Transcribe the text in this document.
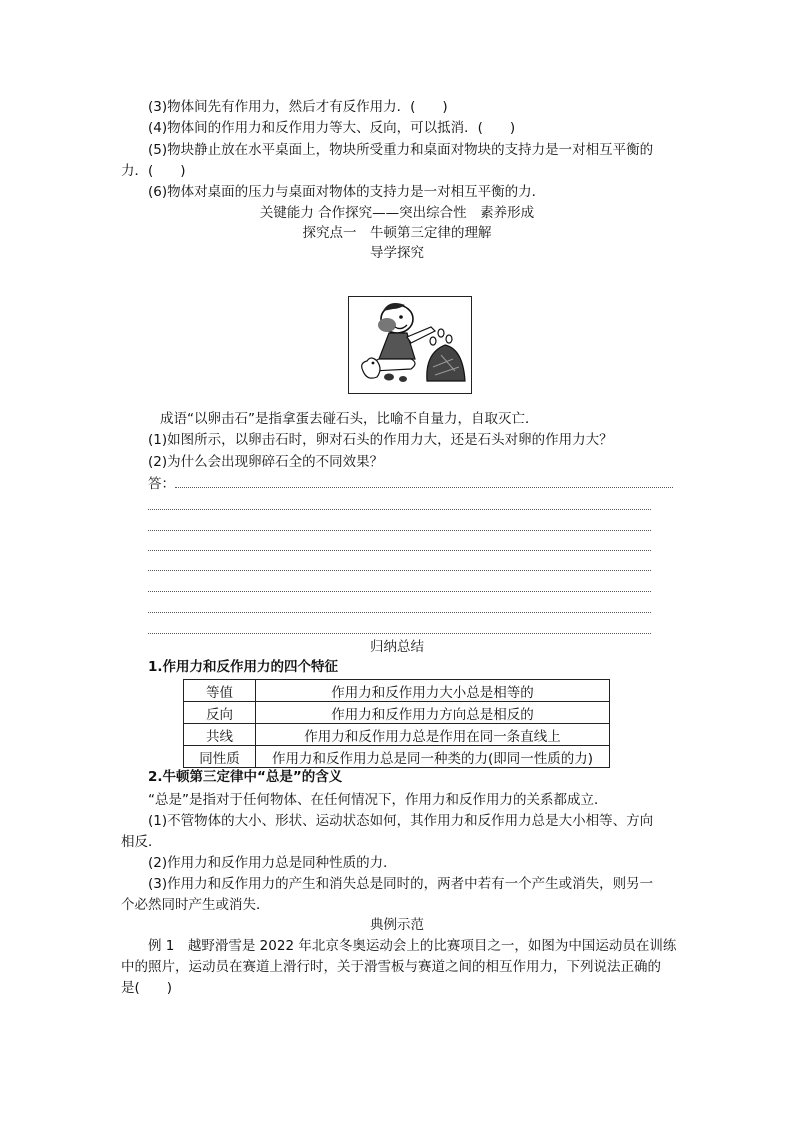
(3)物体间先有作用力，然后才有反作用力．(　　)
(4)物体间的作用力和反作用力等大、反向，可以抵消．(　　)
(5)物块静止放在水平桌面上，物块所受重力和桌面对物块的支持力是一对相互平衡的
力．(　　)
(6)物体对桌面的压力与桌面对物体的支持力是一对相互平衡的力．
关键能力 合作探究——突出综合性　素养形成
探究点一　牛顿第三定律的理解
导学探究
成语“以卵击石”是指拿蛋去碰石头，比喻不自量力，自取灭亡．
(1)如图所示，以卵击石时，卵对石头的作用力大，还是石头对卵的作用力大？
(2)为什么会出现卵碎石全的不同效果？
答：
归纳总结
1.作用力和反作用力的四个特征
等值	作用力和反作用力大小总是相等的
反向	作用力和反作用力方向总是相反的
共线	作用力和反作用力总是作用在同一条直线上
同性质	作用力和反作用力总是同一种类的力(即同一性质的力)
2.牛顿第三定律中“总是”的含义
“总是”是指对于任何物体、在任何情况下，作用力和反作用力的关系都成立．
(1)不管物体的大小、形状、运动状态如何，其作用力和反作用力总是大小相等、方向
相反．
(2)作用力和反作用力总是同种性质的力．
(3)作用力和反作用力的产生和消失总是同时的，两者中若有一个产生或消失，则另一
个必然同时产生或消失．
典例示范
例 1　越野滑雪是 2022 年北京冬奥运动会上的比赛项目之一，如图为中国运动员在训练
中的照片，运动员在赛道上滑行时，关于滑雪板与赛道之间的相互作用力，下列说法正确的
是(　　)
